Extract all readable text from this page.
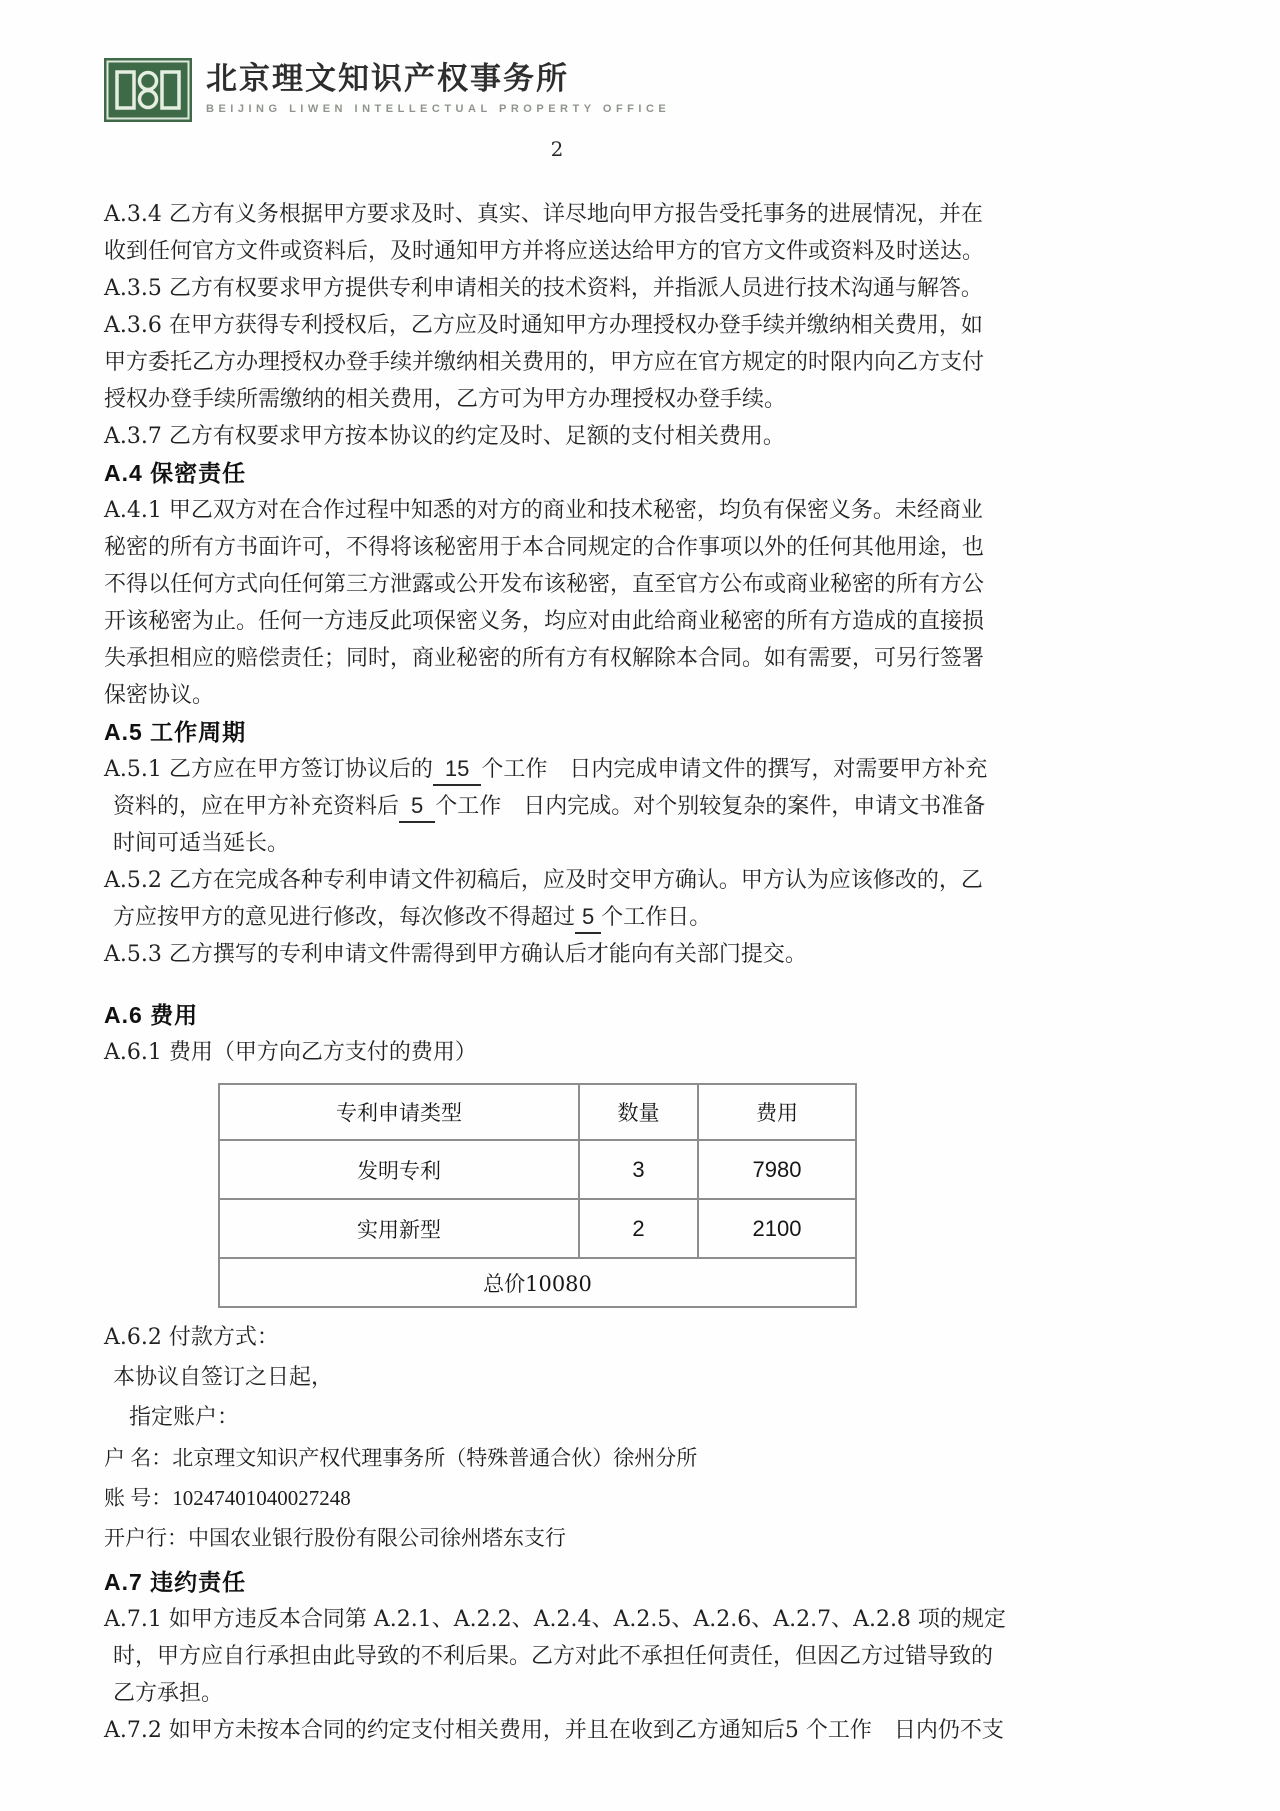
北京理文知识产权事务所
BEIJING LIWEN INTELLECTUAL PROPERTY OFFICE
2
A.3.4 乙方有义务根据甲方要求及时、真实、详尽地向甲方报告受托事务的进展情况，并在
收到任何官方文件或资料后，及时通知甲方并将应送达给甲方的官方文件或资料及时送达。
A.3.5 乙方有权要求甲方提供专利申请相关的技术资料，并指派人员进行技术沟通与解答。
A.3.6 在甲方获得专利授权后，乙方应及时通知甲方办理授权办登手续并缴纳相关费用，如
甲方委托乙方办理授权办登手续并缴纳相关费用的，甲方应在官方规定的时限内向乙方支付
授权办登手续所需缴纳的相关费用，乙方可为甲方办理授权办登手续。
A.3.7 乙方有权要求甲方按本协议的约定及时、足额的支付相关费用。
A.4 保密责任
A.4.1 甲乙双方对在合作过程中知悉的对方的商业和技术秘密，均负有保密义务。未经商业
秘密的所有方书面许可，不得将该秘密用于本合同规定的合作事项以外的任何其他用途，也
不得以任何方式向任何第三方泄露或公开发布该秘密，直至官方公布或商业秘密的所有方公
开该秘密为止。任何一方违反此项保密义务，均应对由此给商业秘密的所有方造成的直接损
失承担相应的赔偿责任；同时，商业秘密的所有方有权解除本合同。如有需要，可另行签署
保密协议。
A.5 工作周期
A.5.1 乙方应在甲方签订协议后的 15 个工作　日内完成申请文件的撰写，对需要甲方补充
资料的，应在甲方补充资料后 5 个工作　日内完成。对个别较复杂的案件，申请文书准备
时间可适当延长。
A.5.2 乙方在完成各种专利申请文件初稿后，应及时交甲方确认。甲方认为应该修改的，乙
方应按甲方的意见进行修改，每次修改不得超过 5 个工作日。
A.5.3 乙方撰写的专利申请文件需得到甲方确认后才能向有关部门提交。
A.6 费用
A.6.1 费用（甲方向乙方支付的费用）
专利申请类型	数量	费用
发明专利	3	7980
实用新型	2	2100
总价10080		
A.6.2 付款方式：
本协议自签订之日起，
指定账户：
户 名：北京理文知识产权代理事务所（特殊普通合伙）徐州分所
账 号：10247401040027248
开户行：中国农业银行股份有限公司徐州塔东支行
A.7 违约责任
A.7.1 如甲方违反本合同第 A.2.1、A.2.2、A.2.4、A.2.5、A.2.6、A.2.7、A.2.8 项的规定
时，甲方应自行承担由此导致的不利后果。乙方对此不承担任何责任，但因乙方过错导致的
乙方承担。
A.7.2 如甲方未按本合同的约定支付相关费用，并且在收到乙方通知后5 个工作　日内仍不支
